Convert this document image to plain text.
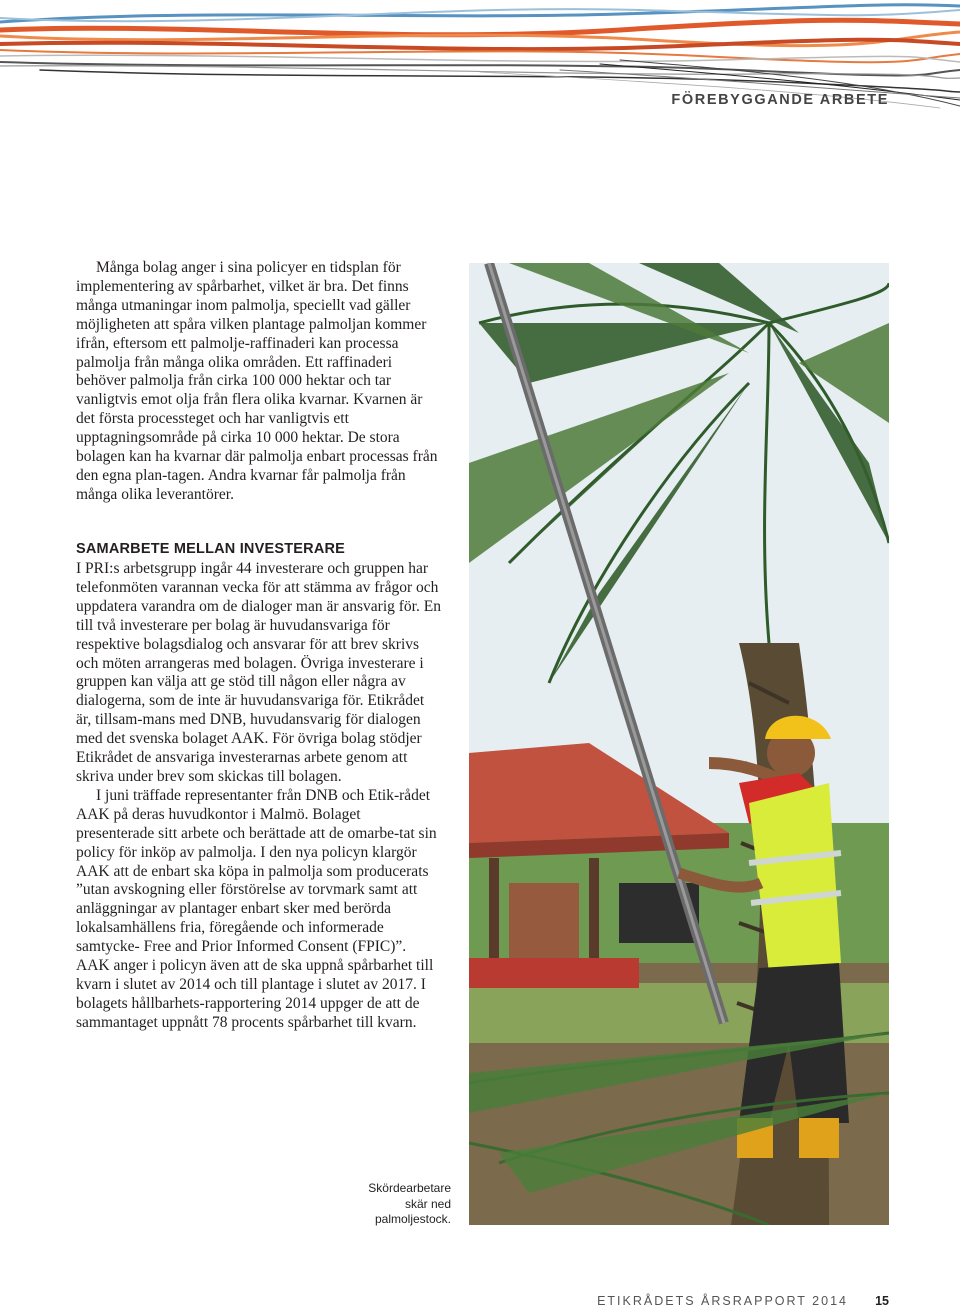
FÖREBYGGANDE ARBETE

Många bolag anger i sina policyer en tidsplan för implementering av spårbarhet, vilket är bra. Det finns många utmaningar inom palmolja, speciellt vad gäller möjligheten att spåra vilken plantage palmoljan kommer ifrån, eftersom ett palmolje-raffinaderi kan processa palmolja från många olika områden. Ett raffinaderi behöver palmolja från cirka 100 000 hektar och tar vanligtvis emot olja från flera olika kvarnar. Kvarnen är det första processteget och har vanligtvis ett upptagningsområde på cirka 10 000 hektar. De stora bolagen kan ha kvarnar där palmolja enbart processas från den egna plan-tagen. Andra kvarnar får palmolja från många olika leverantörer.

SAMARBETE MELLAN INVESTERARE

I PRI:s arbetsgrupp ingår 44 investerare och gruppen har telefonmöten varannan vecka för att stämma av frågor och uppdatera varandra om de dialoger man är ansvarig för. En till två investerare per bolag är huvudansvariga för respektive bolagsdialog och ansvarar för att brev skrivs och möten arrangeras med bolagen. Övriga investerare i gruppen kan välja att ge stöd till någon eller några av dialogerna, som de inte är huvudansvariga för. Etikrådet är, tillsam-mans med DNB, huvudansvarig för dialogen med det svenska bolaget AAK. För övriga bolag stödjer Etikrådet de ansvariga investerarnas arbete genom att skriva under brev som skickas till bolagen.

I juni träffade representanter från DNB och Etik-rådet AAK på deras huvudkontor i Malmö. Bolaget presenterade sitt arbete och berättade att de omarbe-tat sin policy för inköp av palmolja. I den nya policyn klargör AAK att de enbart ska köpa in palmolja som producerats ”utan avskogning eller förstörelse av torvmark samt att anläggningar av plantager enbart sker med berörda lokalsamhällens fria, föregående och informerade samtycke- Free and Prior Informed Consent (FPIC)”. AAK anger i policyn även att de ska uppnå spårbarhet till kvarn i slutet av 2014 och till plantage i slutet av 2017. I bolagets hållbarhets-rapportering 2014 uppger de att de sammantaget uppnått 78 procents spårbarhet till kvarn.

Skördearbetare
skär ned
palmoljestock.
ETIKRÅDETS ÅRSRAPPORT 2014 15
